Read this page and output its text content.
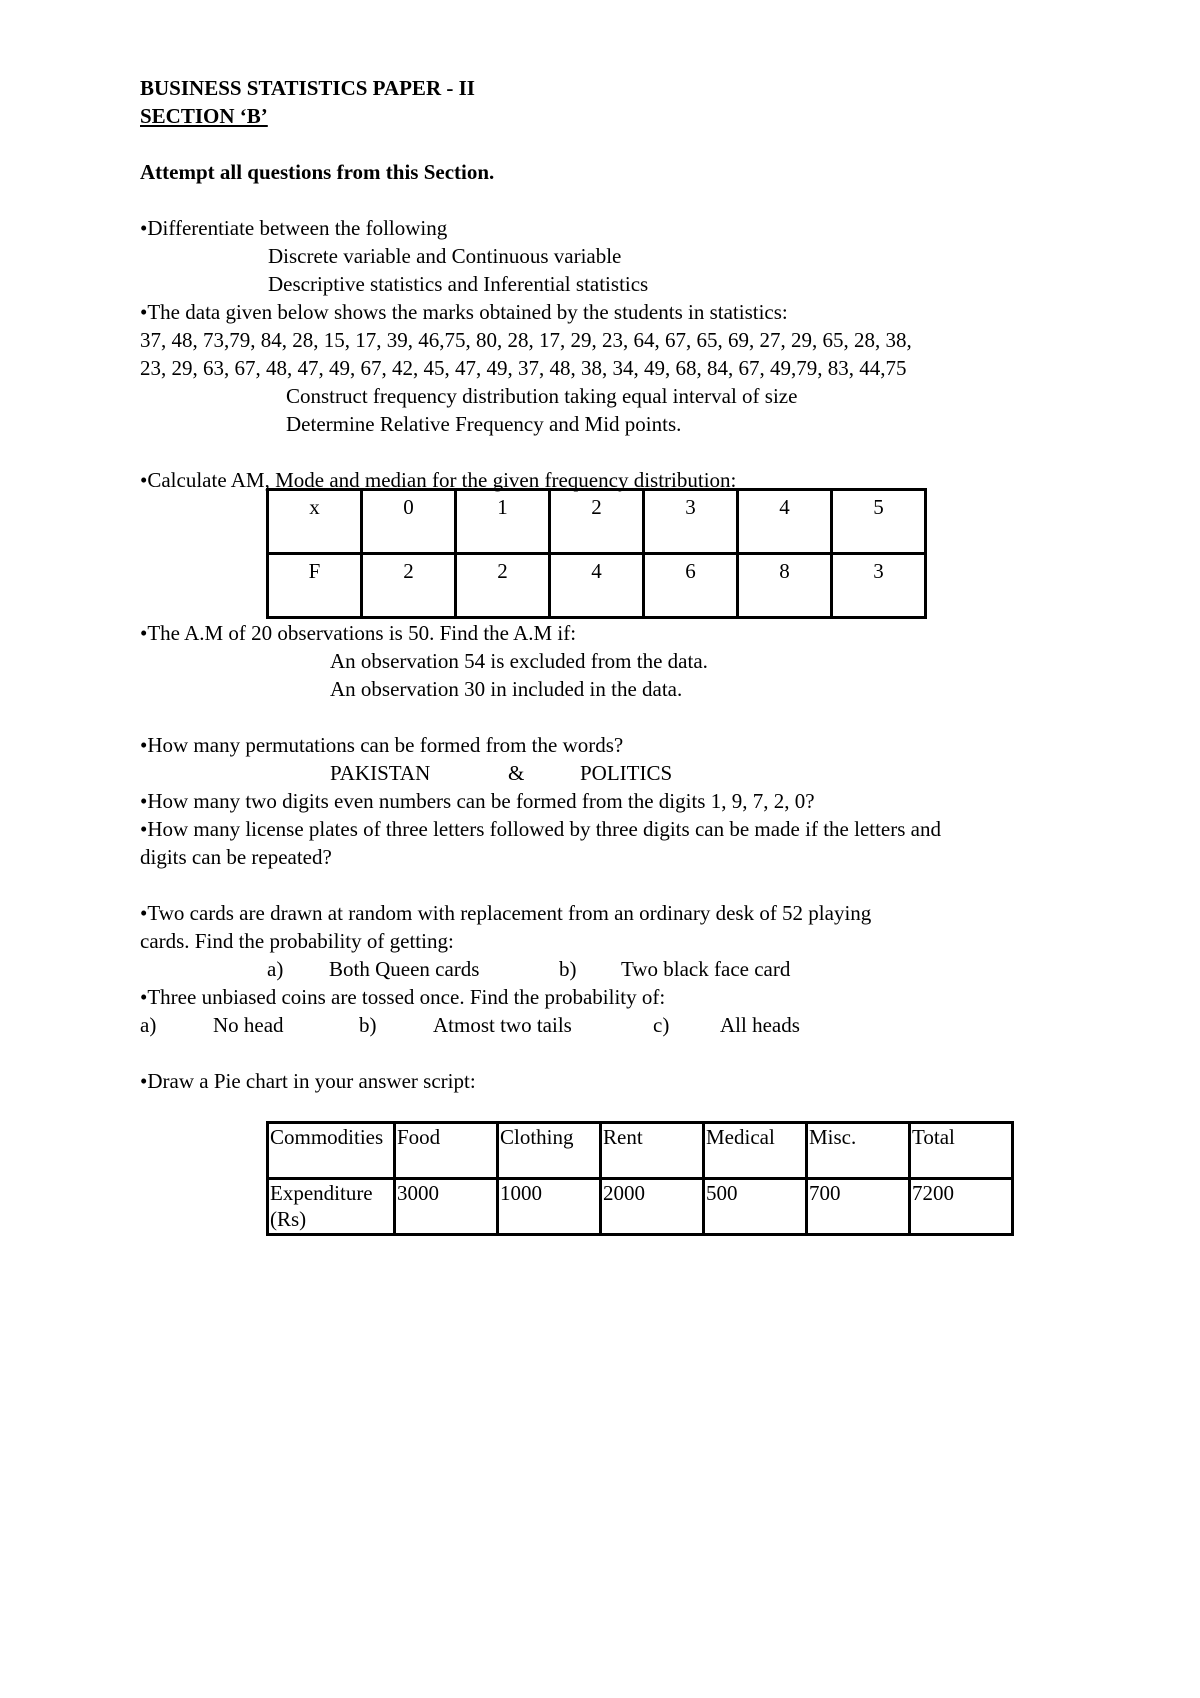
BUSINESS STATISTICS PAPER - II

SECTION ‘B’

Attempt all questions from this Section.

•Differentiate between the following

Discrete variable and Continuous variable

Descriptive statistics and Inferential statistics

•The data given below shows the marks obtained by the students in statistics:

37, 48, 73,79, 84, 28, 15, 17, 39, 46,75, 80, 28, 17, 29, 23, 64, 67, 65, 69, 27, 29, 65, 28, 38,

23, 29, 63, 67, 48, 47, 49, 67, 42, 45, 47, 49, 37, 48, 38, 34, 49, 68, 84, 67, 49,79, 83, 44,75

Construct frequency distribution taking equal interval of size

Determine Relative Frequency and Mid points.

•Calculate AM, Mode and median for the given frequency distribution:

x	0	1	2	3	4	5
F	2	2	4	6	8	3

•The A.M of 20 observations is 50. Find the A.M if:

An observation 54 is excluded from the data.

An observation 30 in included in the data.

•How many permutations can be formed from the words?

PAKISTAN	&	POLITICS

•How many two digits even numbers can be formed from the digits 1, 9, 7, 2, 0?

•How many license plates of three letters followed by three digits can be made if the letters and

digits can be repeated?

•Two cards are drawn at random with replacement from an ordinary desk of 52 playing

cards. Find the probability of getting:

a) Both Queen cards	b) Two black face card

•Three unbiased coins are tossed once. Find the probability of:

a)	No head	b)	Atmost two tails	c) All heads

•Draw a Pie chart in your answer script:

Commodities	Food	Clothing	Rent	Medical	Misc.	Total
Expenditure (Rs)	3000	1000	2000	500	700	7200
